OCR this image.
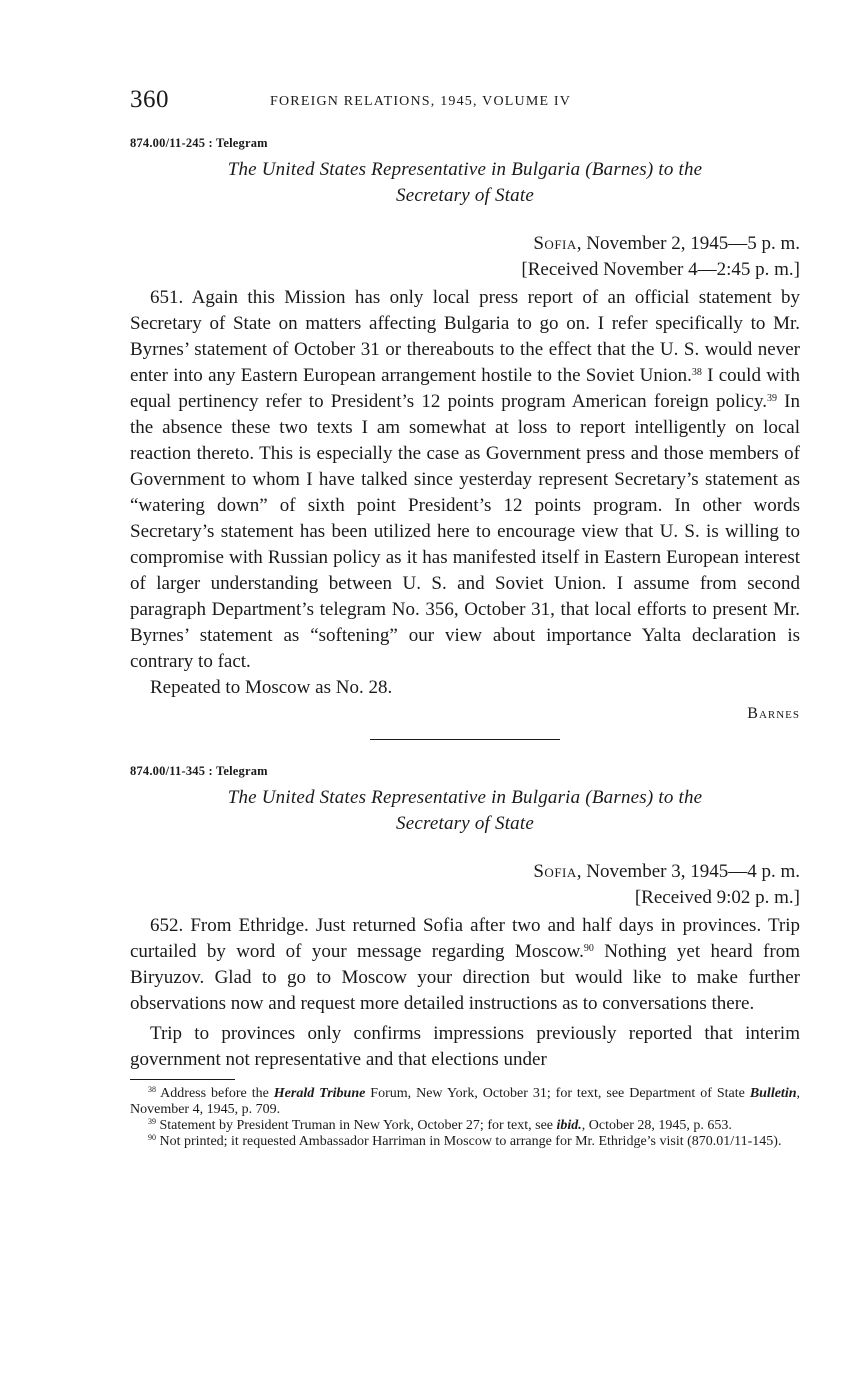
360	FOREIGN RELATIONS, 1945, VOLUME IV
874.00/11-245 : Telegram
The United States Representative in Bulgaria (Barnes) to the
Secretary of State
Sofia, November 2, 1945—5 p. m.
[Received November 4—2:45 p. m.]

651. Again this Mission has only local press report of an official statement by Secretary of State on matters affecting Bulgaria to go on. I refer specifically to Mr. Byrnes’ statement of October 31 or thereabouts to the effect that the U. S. would never enter into any Eastern European arrangement hostile to the Soviet Union.$^{38}$ I could with equal pertinency refer to President’s 12 points program American foreign policy.$^{39}$ In the absence these two texts I am somewhat at loss to report intelligently on local reaction thereto. This is especially the case as Government press and those members of Government to whom I have talked since yesterday represent Secretary’s statement as “watering down” of sixth point President’s 12 points program. In other words Secretary’s statement has been utilized here to encourage view that U. S. is willing to compromise with Russian policy as it has manifested itself in Eastern European interest of larger understanding between U. S. and Soviet Union. I assume from second paragraph Department’s telegram No. 356, October 31, that local efforts to present Mr. Byrnes’ statement as “softening” our view about importance Yalta declaration is contrary to fact.

Repeated to Moscow as No. 28.

Barnes
874.00/11-345 : Telegram
The United States Representative in Bulgaria (Barnes) to the
Secretary of State
Sofia, November 3, 1945—4 p. m.
[Received 9:02 p. m.]

652. From Ethridge. Just returned Sofia after two and half days in provinces. Trip curtailed by word of your message regarding Moscow.$^{90}$ Nothing yet heard from Biryuzov. Glad to go to Moscow your direction but would like to make further observations now and request more detailed instructions as to conversations there.

Trip to provinces only confirms impressions previously reported that interim government not representative and that elections under

$^{38}$ Address before the Herald Tribune Forum, New York, October 31; for text, see Department of State Bulletin, November 4, 1945, p. 709.

$^{39}$ Statement by President Truman in New York, October 27; for text, see ibid., October 28, 1945, p. 653.

$^{90}$ Not printed; it requested Ambassador Harriman in Moscow to arrange for Mr. Ethridge’s visit (870.01/11-145).
